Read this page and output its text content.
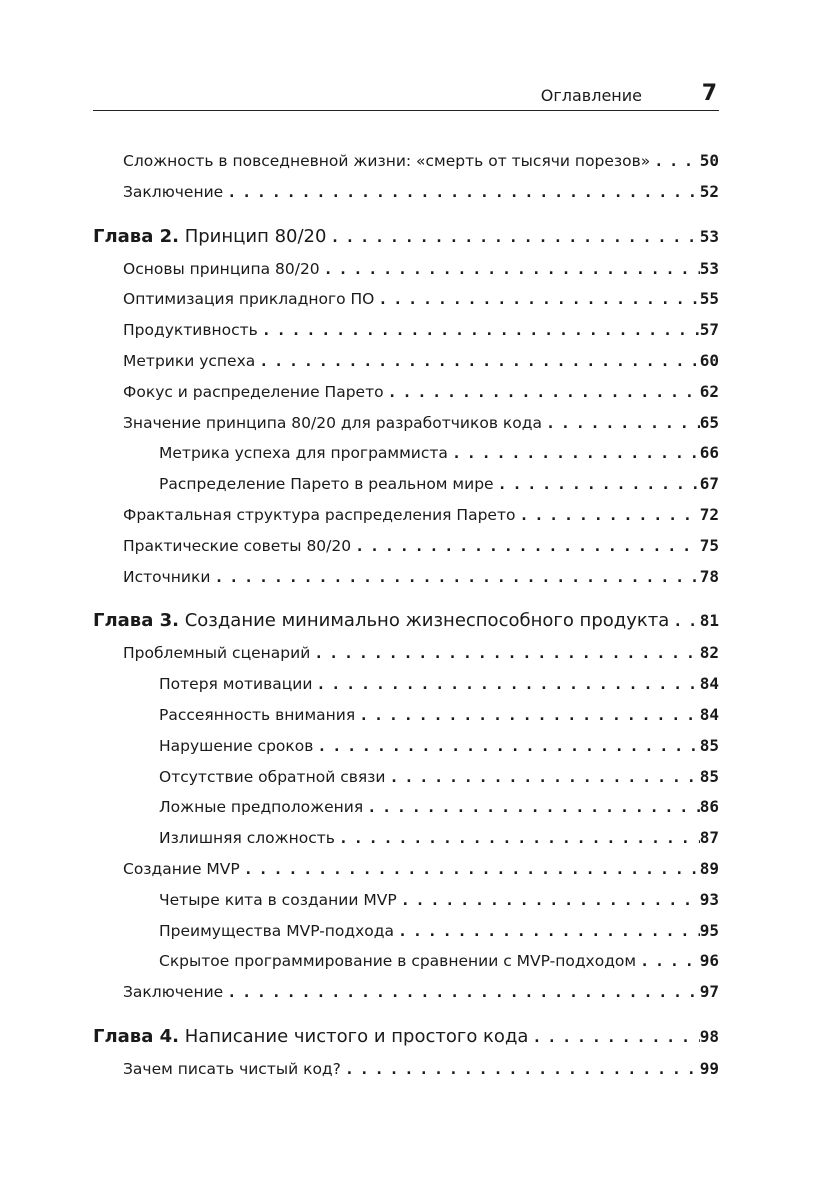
Оглавление	7
Сложность в повседневной жизни: «смерть от тысячи порезов» . . .	50
Заключение . . .	52
Глава 2. Принцип 80/20 . . .	53
Основы принципа 80/20 . . .	53
Оптимизация прикладного ПО . . .	55
Продуктивность . . .	57
Метрики успеха . . .	60
Фокус и распределение Парето . . .	62
Значение принципа 80/20 для разработчиков кода . . .	65
Метрика успеха для программиста . . .	66
Распределение Парето в реальном мире . . .	67
Фрактальная структура распределения Парето . . .	72
Практические советы 80/20 . . .	75
Источники . . .	78
Глава 3. Создание минимально жизнеспособного продукта . . . 81
Проблемный сценарий . . .	82
Потеря мотивации . . .	84
Рассеянность внимания . . .	84
Нарушение сроков . . .	85
Отсутствие обратной связи . . .	85
Ложные предположения . . .	86
Излишняя сложность . . .	87
Создание MVP . . .	89
Четыре кита в создании MVP . . .	93
Преимущества MVP-подхода . . .	95
Скрытое программирование в сравнении с MVP-подходом . . .	96
Заключение . . .	97
Глава 4. Написание чистого и простого кода . . .	98
Зачем писать чистый код? . . .	99
